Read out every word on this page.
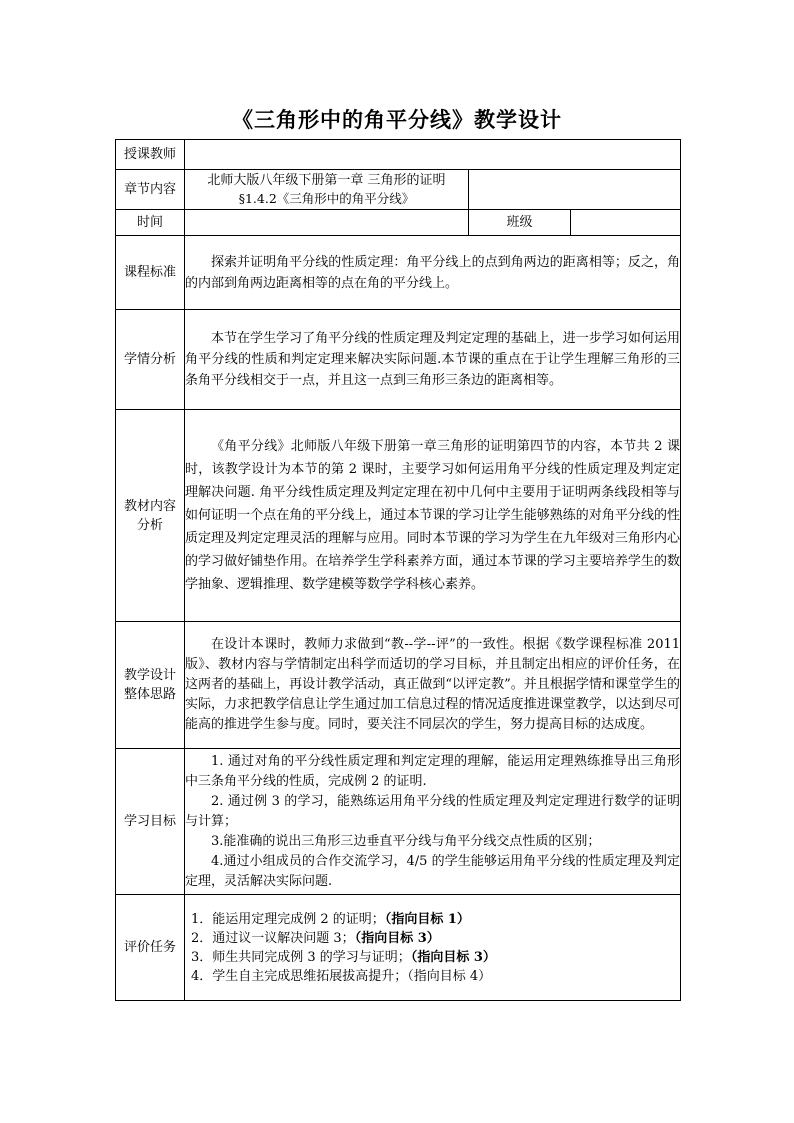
《三角形中的角平分线》教学设计
授课教师			
章节内容	北师大版八年级下册第一章 三角形的证明

§1.4.2《三角形中的角平分线》		

时间		班级	
课程标准	探索并证明角平分线的性质定理：角平分线上的点到角两边的距离相等；反之，角的内部到角两边距离相等的点在角的平分线上。		

学情分析	本节在学生学习了角平分线的性质定理及判定定理的基础上，进一步学习如何运用角平分线的性质和判定定理来解决实际问题.本节课的重点在于让学生理解三角形的三条角平分线相交于一点，并且这一点到三角形三条边的距离相等。		

教材内容
分析	《角平分线》北师版八年级下册第一章三角形的证明第四节的内容，本节共 2 课时，该教学设计为本节的第 2 课时，主要学习如何运用角平分线的性质定理及判定定理解决问题. 角平分线性质定理及判定定理在初中几何中主要用于证明两条线段相等与如何证明一个点在角的平分线上，通过本节课的学习让学生能够熟练的对角平分线的性质定理及判定定理灵活的理解与应用。同时本节课的学习为学生在九年级对三角形内心的学习做好铺垫作用。在培养学生学科素养方面，通过本节课的学习主要培养学生的数学抽象、逻辑推理、数学建模等数学学科核心素养。		

教学设计
整体思路	在设计本课时，教师力求做到“教--学--评”的一致性。根据《数学课程标准 2011 版》、教材内容与学情制定出科学而适切的学习目标，并且制定出相应的评价任务，在这两者的基础上，再设计教学活动，真正做到“以评定教”。并且根据学情和课堂学生的实际，力求把教学信息让学生通过加工信息过程的情况适度推进课堂教学，以达到尽可能高的推进学生参与度。同时，要关注不同层次的学生，努力提高目标的达成度。		

学习目标	1. 通过对角的平分线性质定理和判定定理的理解，能运用定理熟练推导出三角形中三条角平分线的性质，完成例 2 的证明.

2. 通过例 3 的学习，能熟练运用角平分线的性质定理及判定定理进行数学的证明与计算；

3.能准确的说出三角形三边垂直平分线与角平分线交点性质的区别；

4.通过小组成员的合作交流学习，4/5 的学生能够运用角平分线的性质定理及判定定理，灵活解决实际问题.		

评价任务	1．能运用定理完成例 2 的证明；（指向目标 1）

2．通过议一议解决问题 3；（指向目标 3）

3．师生共同完成例 3 的学习与证明；（指向目标 3）

4．学生自主完成思维拓展拔高提升；（指向目标 4）		
